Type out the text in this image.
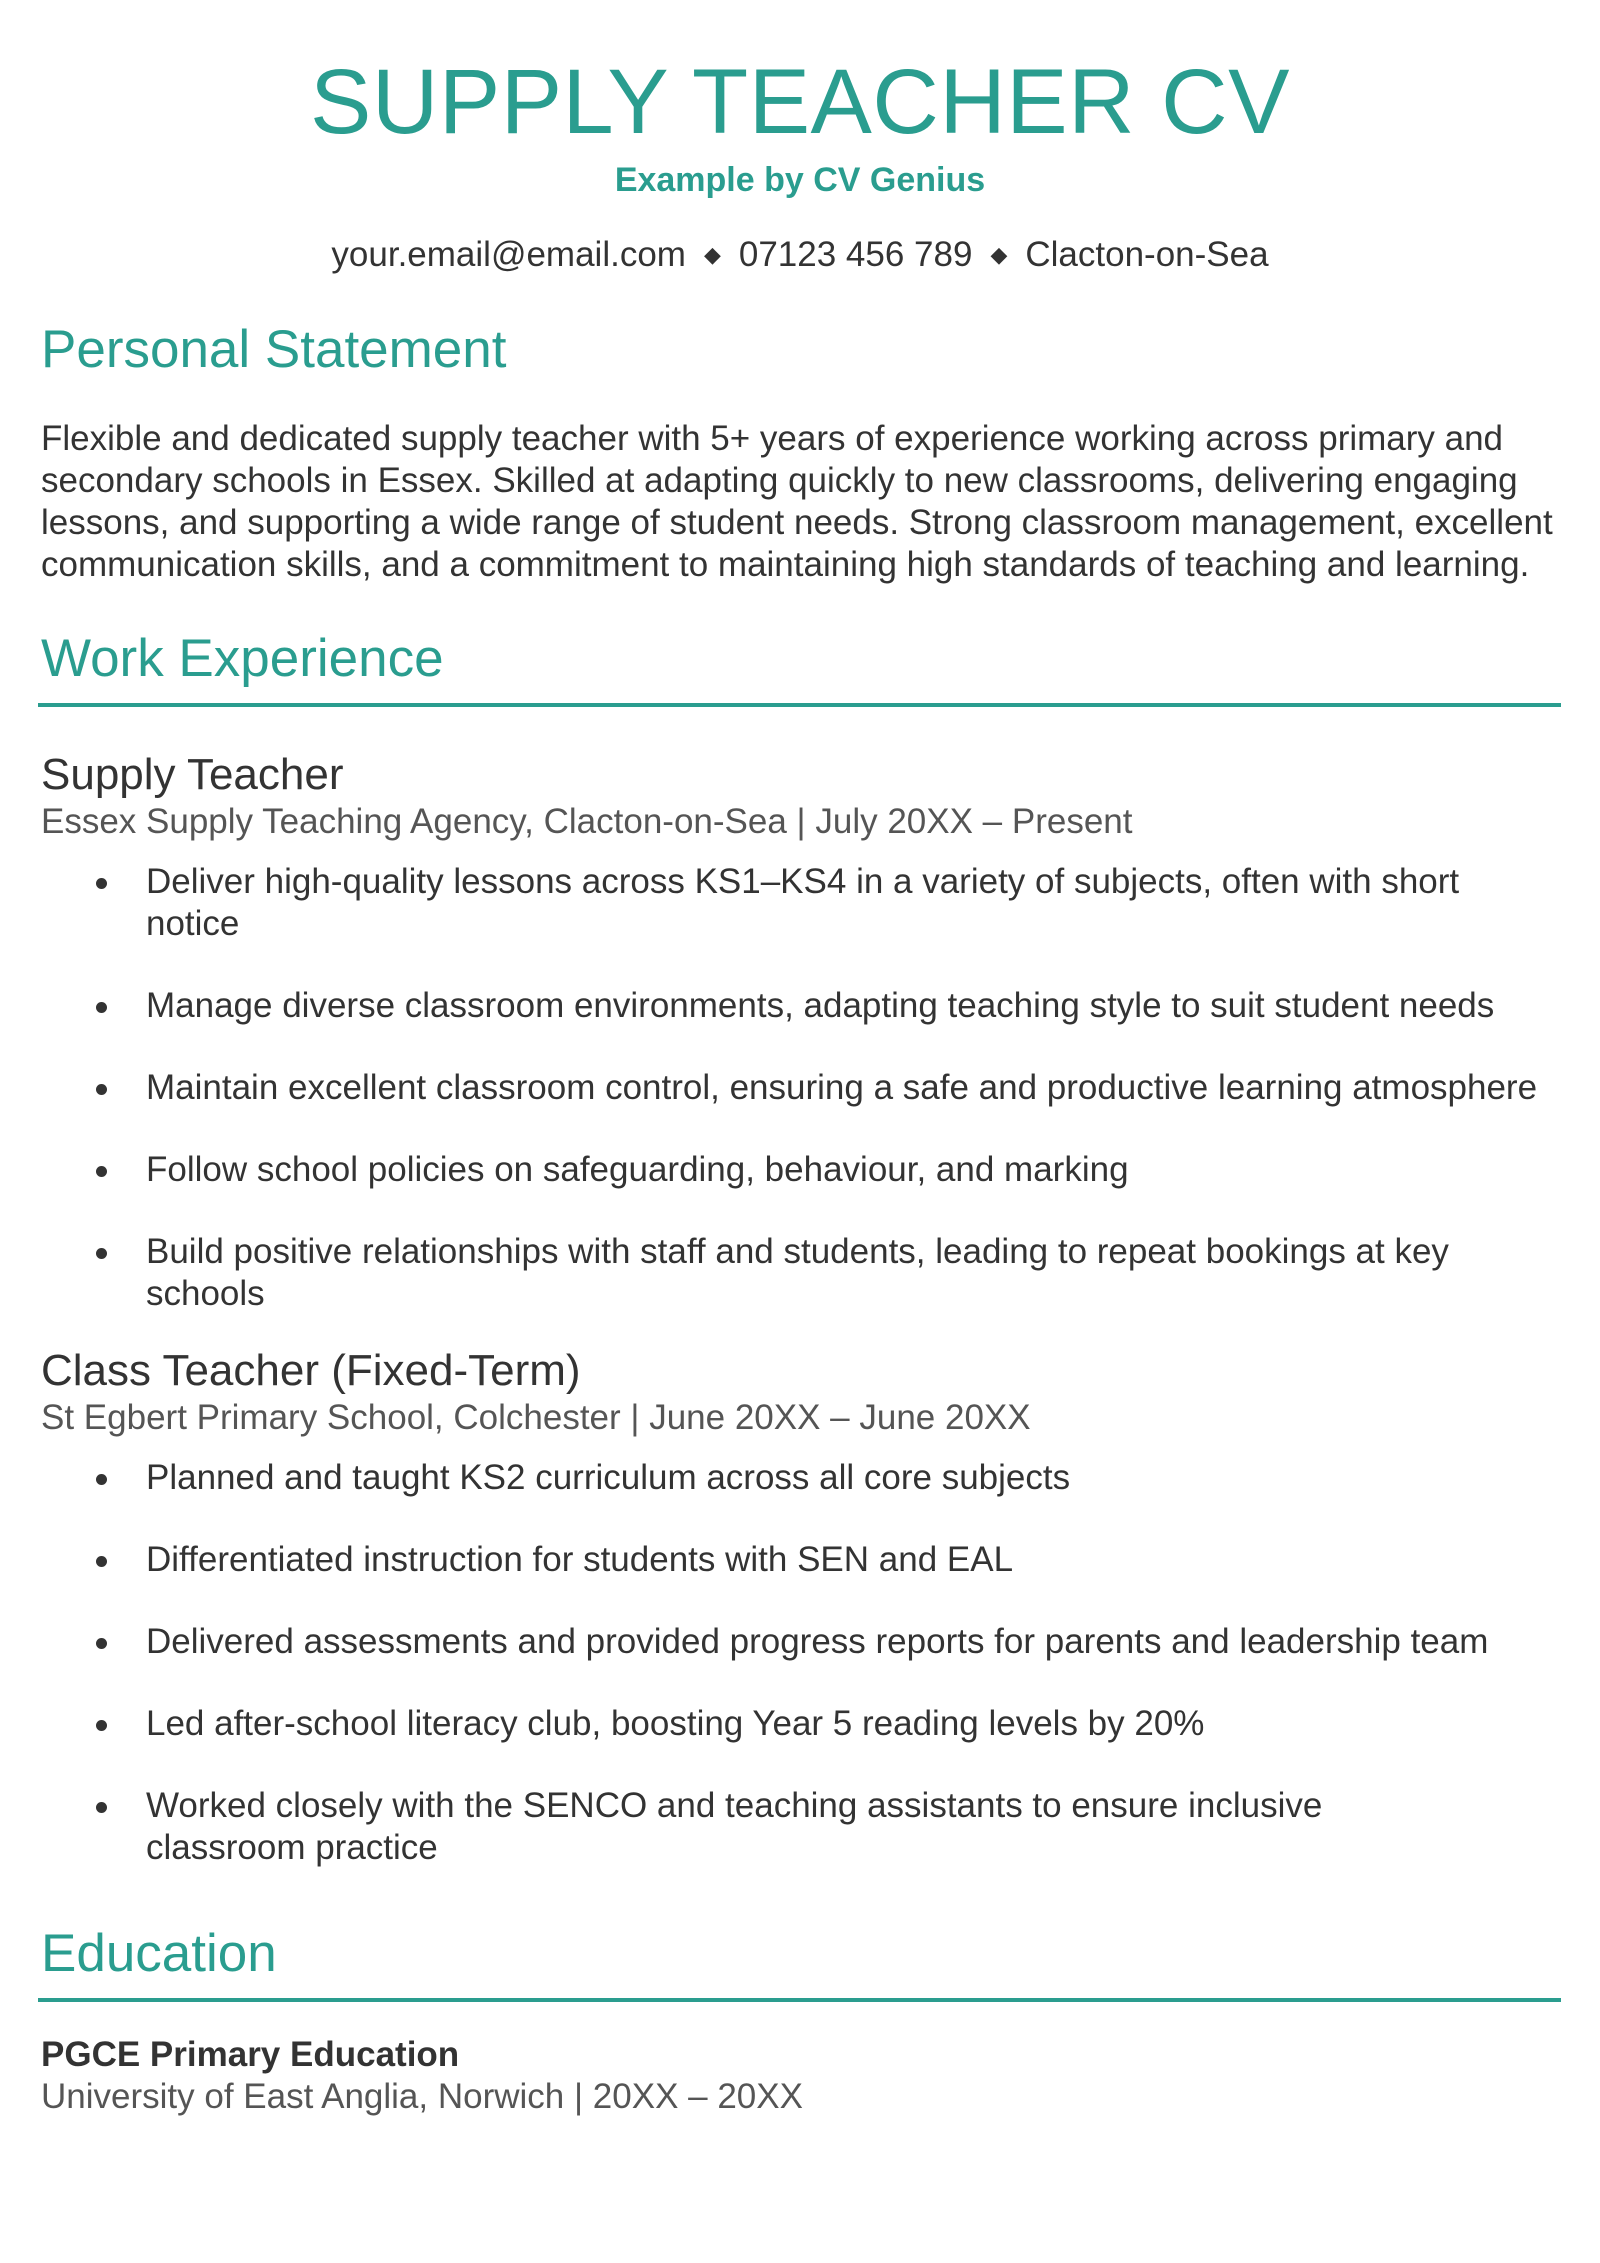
SUPPLY TEACHER CV
Example by CV Genius
your.email@email.com ◆ 07123 456 789 ◆ Clacton-on-Sea
Personal Statement
Flexible and dedicated supply teacher with 5+ years of experience working across primary and secondary schools in Essex. Skilled at adapting quickly to new classrooms, delivering engaging lessons, and supporting a wide range of student needs. Strong classroom management, excellent communication skills, and a commitment to maintaining high standards of teaching and learning.
Work Experience
Supply Teacher
Essex Supply Teaching Agency, Clacton-on-Sea | July 20XX – Present
Deliver high-quality lessons across KS1–KS4 in a variety of subjects, often with short notice
Manage diverse classroom environments, adapting teaching style to suit student needs
Maintain excellent classroom control, ensuring a safe and productive learning atmosphere
Follow school policies on safeguarding, behaviour, and marking
Build positive relationships with staff and students, leading to repeat bookings at key schools
Class Teacher (Fixed-Term)
St Egbert Primary School, Colchester | June 20XX – June 20XX
Planned and taught KS2 curriculum across all core subjects
Differentiated instruction for students with SEN and EAL
Delivered assessments and provided progress reports for parents and leadership team
Led after-school literacy club, boosting Year 5 reading levels by 20%
Worked closely with the SENCO and teaching assistants to ensure inclusive classroom practice
Education
PGCE Primary Education
University of East Anglia, Norwich | 20XX – 20XX
